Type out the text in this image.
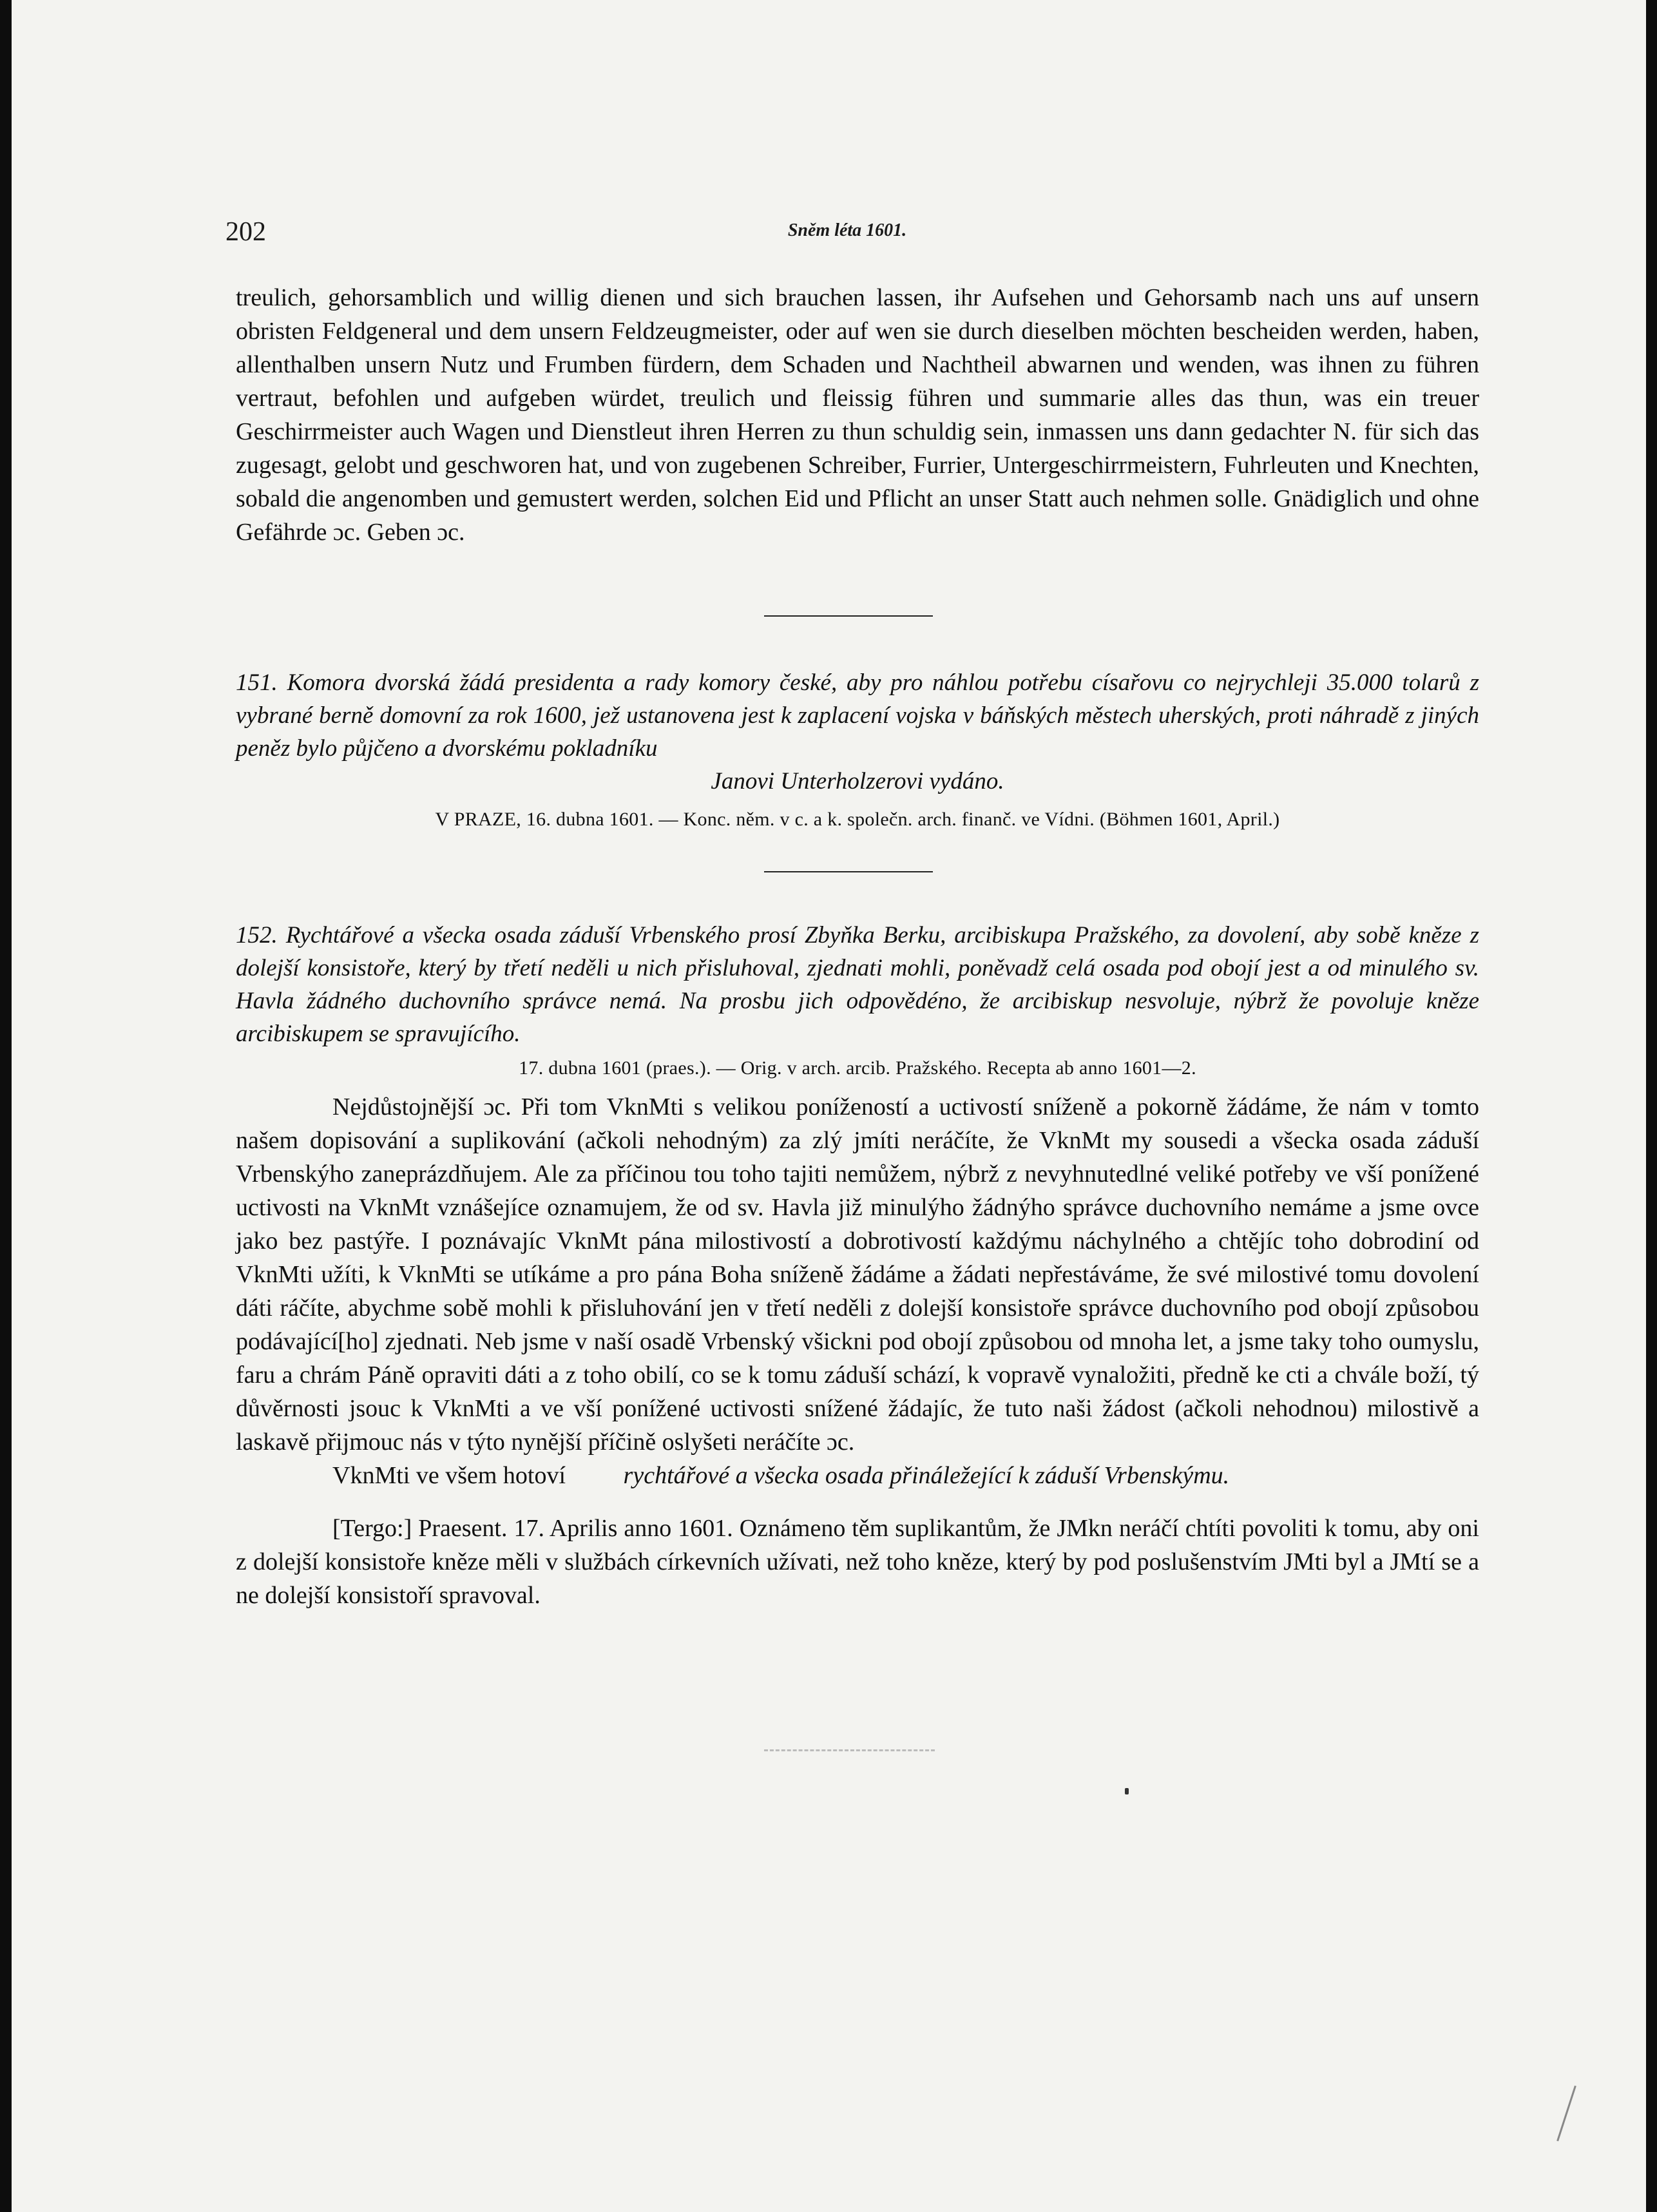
202	Sněm léta 1601.

treulich, gehorsamblich und willig dienen und sich brauchen lassen, ihr Aufsehen und Gehorsamb nach uns auf unsern obristen Feldgeneral und dem unsern Feldzeugmeister, oder auf wen sie durch dieselben möchten bescheiden werden, haben, allenthalben unsern Nutz und Frumben fürdern, dem Schaden und Nachtheil abwarnen und wenden, was ihnen zu führen vertraut, befohlen und aufgeben würdet, treulich und fleissig führen und summarie alles das thun, was ein treuer Geschirrmeister auch Wagen und Dienstleut ihren Herren zu thun schuldig sein, inmassen uns dann gedachter N. für sich das zugesagt, gelobt und geschworen hat, und von zugebenen Schreiber, Furrier, Untergeschirrmeistern, Fuhrleuten und Knechten, sobald die angenomben und gemustert werden, solchen Eid und Pflicht an unser Statt auch nehmen solle. Gnädiglich und ohne Gefährde ɔc. Geben ɔc.

151. Komora dvorská žádá presidenta a rady komory české, aby pro náhlou potřebu císařovu co nejrychleji 35.000 tolarů z vybrané berně domovní za rok 1600, jež ustanovena jest k zaplacení vojska v báňských městech uherských, proti náhradě z jiných peněz bylo půjčeno a dvorskému pokladníku
Janovi Unterholzerovi vydáno.

V PRAZE, 16. dubna 1601. — Konc. něm. v c. a k. společn. arch. finanč. ve Vídni. (Böhmen 1601, April.)

152. Rychtářové a všecka osada záduší Vrbenského prosí Zbyňka Berku, arcibiskupa Pražského, za dovolení, aby sobě kněze z dolejší konsistoře, který by třetí neděli u nich přisluhoval, zjednati mohli, poněvadž celá osada pod obojí jest a od minulého sv. Havla žádného duchovního správce nemá. Na prosbu jich odpovědéno, že arcibiskup nesvoluje, nýbrž že povoluje kněze arcibiskupem se spravujícího.

17. dubna 1601 (praes.). — Orig. v arch. arcib. Pražského. Recepta ab anno 1601—2.

Nejdůstojnější ɔc. Při tom VknMti s velikou ponížeností a uctivostí sníženě a pokorně žádáme, že nám v tomto našem dopisování a suplikování (ačkoli nehodným) za zlý jmíti neráčíte, že VknMt my sousedi a všecka osada záduší Vrbenskýho zaneprázdňujem. Ale za příčinou tou toho tajiti nemůžem, nýbrž z nevyhnutedlné veliké potřeby ve vší ponížené uctivosti na VknMt vznášejíce oznamujem, že od sv. Havla již minulýho žádnýho správce duchovního nemáme a jsme ovce jako bez pastýře. I poznávajíc VknMt pána milostivostí a dobrotivostí každýmu náchylného a chtějíc toho dobrodiní od VknMti užíti, k VknMti se utíkáme a pro pána Boha sníženě žádáme a žádati nepřestáváme, že své milostivé tomu dovolení dáti ráčíte, abychme sobě mohli k přisluhování jen v třetí neděli z dolejší konsistoře správce duchovního pod obojí způsobou podávající[ho] zjednati. Neb jsme v naší osadě Vrbenský všickni pod obojí způsobou od mnoha let, a jsme taky toho oumyslu, faru a chrám Páně opraviti dáti a z toho obilí, co se k tomu záduší schází, k vopravě vynaložiti, předně ke cti a chvále boží, tý důvěrnosti jsouc k VknMti a ve vší ponížené uctivosti snížené žádajíc, že tuto naši žádost (ačkoli nehodnou) milostivě a laskavě přijmouc nás v týto nynější příčině oslyšeti neráčíte ɔc.

VknMti ve všem hotoví rychtářové a všecka osada přináležející k záduší Vrbenskýmu.

[Tergo:] Praesent. 17. Aprilis anno 1601. Oznámeno těm suplikantům, že JMkn neráčí chtíti povoliti k tomu, aby oni z dolejší konsistoře kněze měli v službách církevních užívati, než toho kněze, který by pod poslušenstvím JMti byl a JMtí se a ne dolejší konsistoří spravoval.
